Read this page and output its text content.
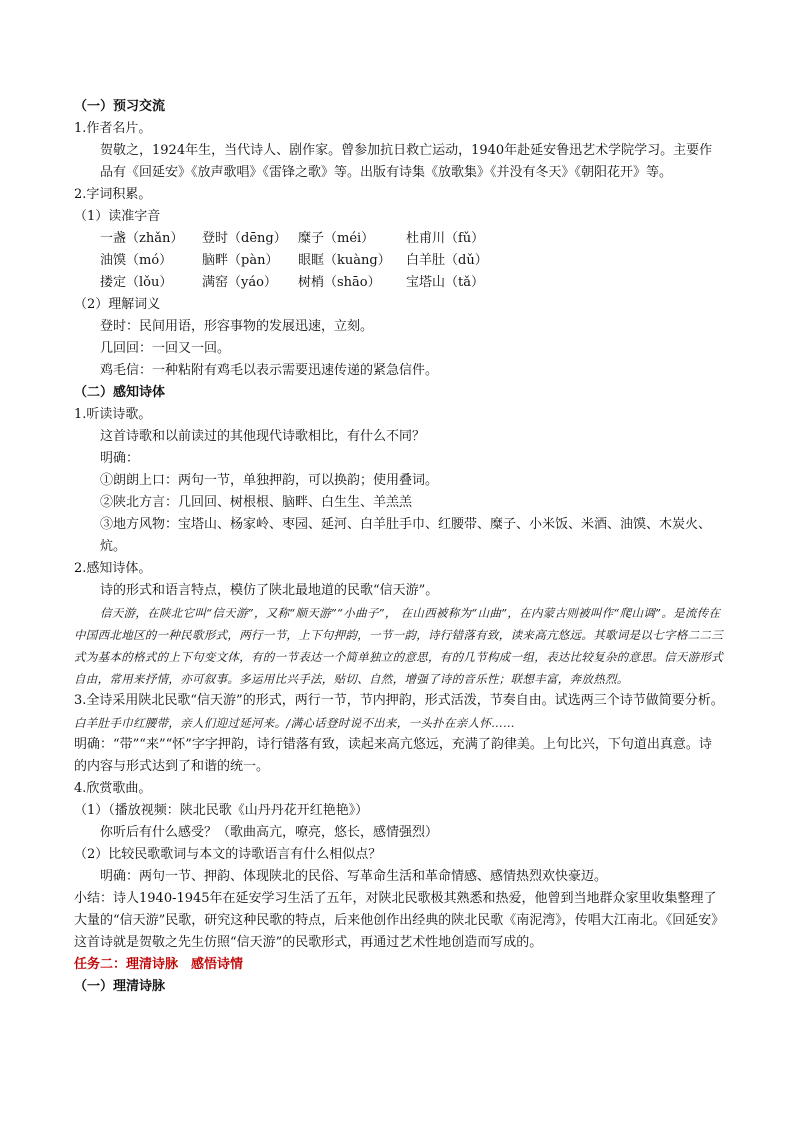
（一）预习交流
1.作者名片。
贺敬之，1924年生，当代诗人、剧作家。曾参加抗日救亡运动，1940年赴延安鲁迅艺术学院学习。主要作品有《回延安》《放声歌唱》《雷锋之歌》等。出版有诗集《放歌集》《并没有冬天》《朝阳花开》等。
2.字词积累。
（1）读准字音
一盏（zhǎn）	登时（dēng） 糜子（méi）	杜甫川（fǔ）
油馍（mó）	脑畔（pàn）	眼眶（kuàng）	白羊肚（dǔ）
搂定（lǒu）	满窑（yáo）	树梢（shāo）	宝塔山（tǎ）
（2）理解词义
登时：民间用语，形容事物的发展迅速，立刻。
几回回：一回又一回。
鸡毛信：一种粘附有鸡毛以表示需要迅速传递的紧急信件。
（二）感知诗体
1.听读诗歌。
这首诗歌和以前读过的其他现代诗歌相比，有什么不同？
明确：
①朗朗上口：两句一节，单独押韵，可以换韵；使用叠词。
②陕北方言：几回回、树根根、脑畔、白生生、羊羔羔
③地方风物：宝塔山、杨家岭、枣园、延河、白羊肚手巾、红腰带、糜子、小米饭、米酒、油馍、木炭火、炕。
2.感知诗体。
诗的形式和语言特点，模仿了陕北最地道的民歌“信天游”。
信天游，在陕北它叫“信天游”，又称“顺天游”“小曲子”， 在山西被称为“山曲”，在内蒙古则被叫作“爬山调”。是流传在中国西北地区的一种民歌形式，两行一节，上下句押韵，一节一韵，诗行错落有致，读来高亢悠远。其歌词是以七字格二二三式为基本的格式的上下句变文体，有的一节表达一个简单独立的意思，有的几节构成一组，表达比较复杂的意思。信天游形式自由，常用来抒情，亦可叙事。多运用比兴手法，贴切、自然，增强了诗的音乐性；联想丰富，奔放热烈。
3.全诗采用陕北民歌“信天游”的形式，两行一节，节内押韵，形式活泼，节奏自由。试选两三个诗节做简要分析。
白羊肚手巾红腰带，亲人们迎过延河来。/满心话登时说不出来，一头扑在亲人怀……
明确：“带”“来”“怀”字字押韵，诗行错落有致，读起来高亢悠远，充满了韵律美。上句比兴，下句道出真意。诗的内容与形式达到了和谐的统一。
4.欣赏歌曲。
（1）（播放视频：陕北民歌《山丹丹花开红艳艳》）
你听后有什么感受？（歌曲高亢，嘹亮，悠长，感情强烈）
（2）比较民歌歌词与本文的诗歌语言有什么相似点？
明确：两句一节、押韵、体现陕北的民俗、写革命生活和革命情感、感情热烈欢快豪迈。
小结：诗人1940-1945年在延安学习生活了五年，对陕北民歌极其熟悉和热爱，他曾到当地群众家里收集整理了大量的“信天游”民歌，研究这种民歌的特点，后来他创作出经典的陕北民歌《南泥湾》，传唱大江南北。《回延安》这首诗就是贺敬之先生仿照“信天游”的民歌形式，再通过艺术性地创造而写成的。
任务二：理清诗脉　感悟诗情
（一）理清诗脉
